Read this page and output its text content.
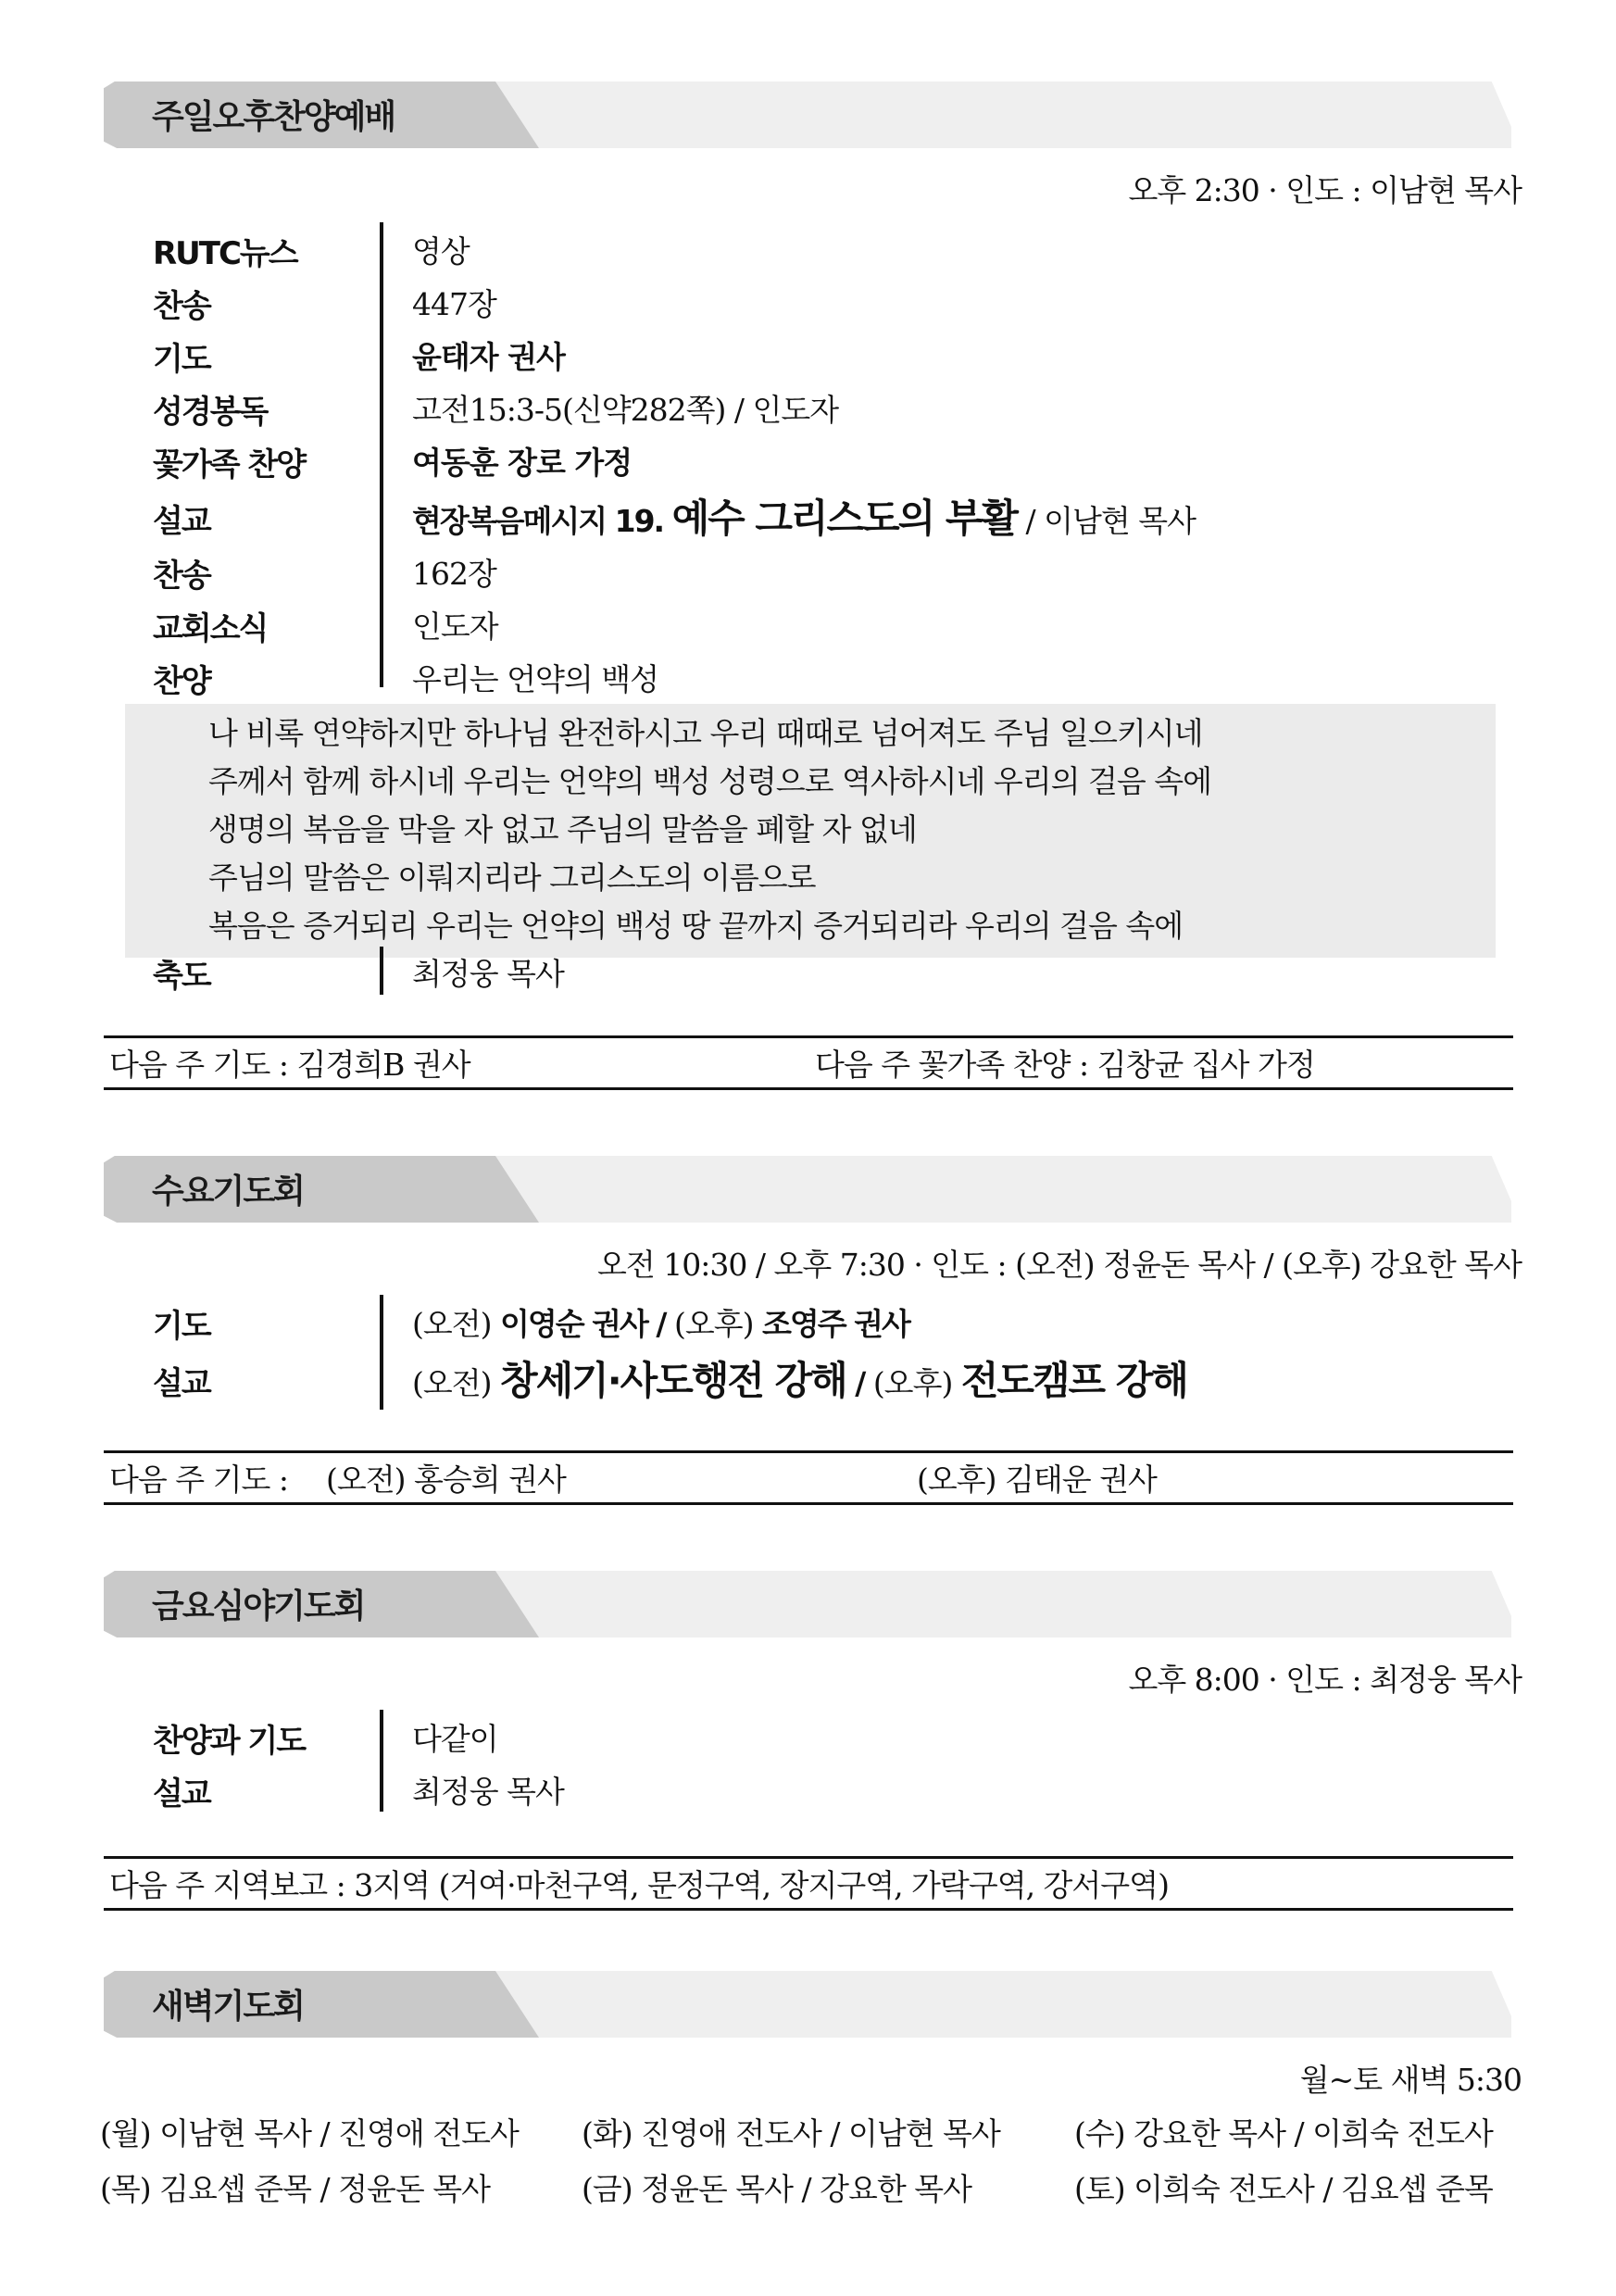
주일오후찬양예배
오후 2:30 · 인도 : 이남현 목사
RUTC뉴스	영상
찬송	447장
기도	윤태자 권사
성경봉독	고전15:3-5(신약282쪽) / 인도자
꽃가족 찬양	여동훈 장로 가정
설교	현장복음메시지 19. 예수 그리스도의 부활 / 이남현 목사
찬송	162장
교회소식	인도자
찬양	우리는 언약의 백성
나 비록 연약하지만 하나님 완전하시고 우리 때때로 넘어져도 주님 일으키시네
주께서 함께 하시네 우리는 언약의 백성 성령으로 역사하시네 우리의 걸음 속에
생명의 복음을 막을 자 없고 주님의 말씀을 폐할 자 없네
주님의 말씀은 이뤄지리라 그리스도의 이름으로
복음은 증거되리 우리는 언약의 백성 땅 끝까지 증거되리라 우리의 걸음 속에
축도	최정웅 목사
다음 주 기도 : 김경희B 권사	다음 주 꽃가족 찬양 : 김창균 집사 가정
수요기도회
오전 10:30 / 오후 7:30 · 인도 : (오전) 정윤돈 목사 / (오후) 강요한 목사
기도	(오전) 이영순 권사 / (오후) 조영주 권사
설교	(오전) 창세기·사도행전 강해 / (오후) 전도캠프 강해
다음 주 기도 : (오전) 홍승희 권사	(오후) 김태운 권사
금요심야기도회
오후 8:00 · 인도 : 최정웅 목사
찬양과 기도	다같이
설교	최정웅 목사
다음 주 지역보고 : 3지역 (거여·마천구역, 문정구역, 장지구역, 가락구역, 강서구역)
새벽기도회
월~토 새벽 5:30
(월) 이남현 목사 / 진영애 전도사 (화) 진영애 전도사 / 이남현 목사 (수) 강요한 목사 / 이희숙 전도사
(목) 김요셉 준목 / 정윤돈 목사	(금) 정윤돈 목사 / 강요한 목사	(토) 이희숙 전도사 / 김요셉 준목
